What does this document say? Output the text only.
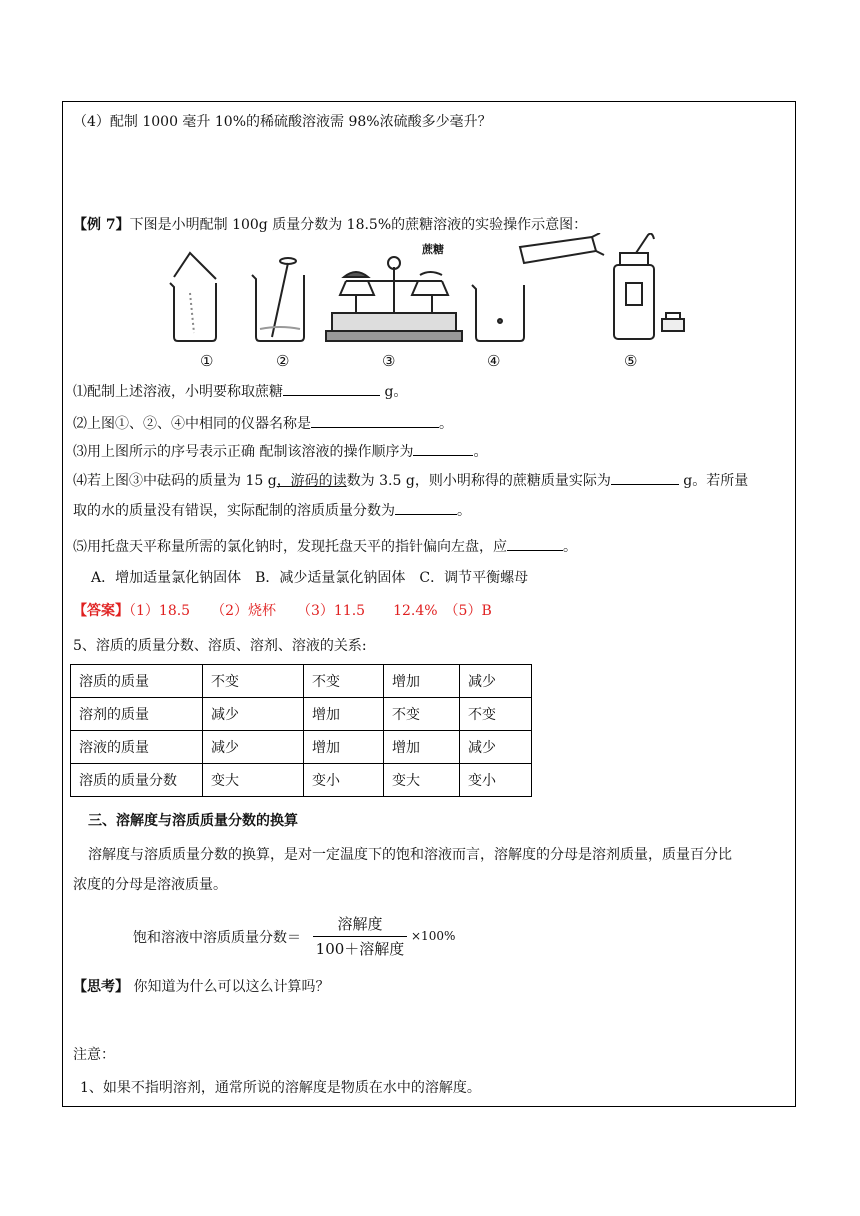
（4）配制 1000 毫升 10%的稀硫酸溶液需 98%浓硫酸多少毫升？
【例 7】下图是小明配制 100g 质量分数为 18.5%的蔗糖溶液的实验操作示意图：
蔗糖
①	②	③	④	⑤
⑴配制上述溶液，小明要称取蔗糖	g。
⑵上图①、②、④中相同的仪器名称是	。
⑶用上图所示的序号表示正确 配制该溶液的操作顺序为	。
⑷若上图③中砝码的质量为 15 g，游码的读数为 3.5 g，则小明称得的蔗糖质量实际为	g。若所量
取的水的质量没有错误，实际配制的溶质质量分数为	。
⑸用托盘天平称量所需的氯化钠时，发现托盘天平的指针偏向左盘，应	。
A．增加适量氯化钠固体　B．减少适量氯化钠固体　C．调节平衡螺母
【答案】（1）18.5　　（2）烧杯　　（3）11.5　　12.4%　（5）B
5、溶质的质量分数、溶质、溶剂、溶液的关系:
溶质的质量	不变	不变	增加	减少
溶剂的质量	减少	增加	不变	不变
溶液的质量	减少	增加	增加	减少
溶质的质量分数	变大	变小	变大	变小
三、溶解度与溶质质量分数的换算
溶解度与溶质质量分数的换算，是对一定温度下的饱和溶液而言，溶解度的分母是溶剂质量，质量百分比
浓度的分母是溶液质量。
饱和溶液中溶质质量分数＝
溶解度
100＋溶解度
×100%
【思考】 你知道为什么可以这么计算吗？
注意：
1、如果不指明溶剂，通常所说的溶解度是物质在水中的溶解度。
